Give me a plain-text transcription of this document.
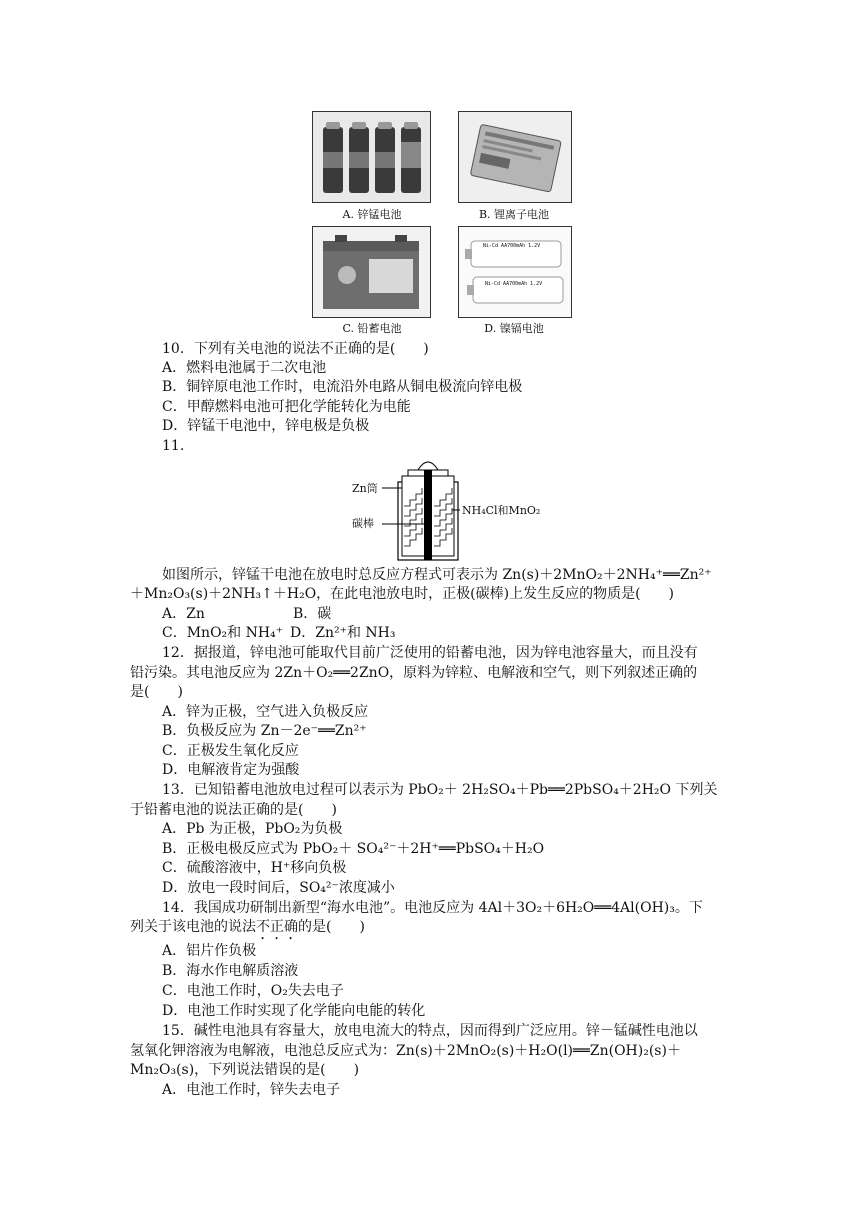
A. 锌锰电池	B. 锂离子电池
C. 铅蓄电池
Ni-Cd AA700mAh 1.2V
Ni-Cd AA700mAh 1.2V
D. 镍镉电池
10．下列有关电池的说法不正确的是(　　)
A．燃料电池属于二次电池
B．铜锌原电池工作时，电流沿外电路从铜电极流向锌电极
C．甲醇燃料电池可把化学能转化为电能
D．锌锰干电池中，锌电极是负极
11.
Zn筒
碳棒
NH₄Cl和MnO₂
如图所示，锌锰干电池在放电时总反应方程式可表示为 Zn(s)＋2MnO₂＋2NH₄⁺══Zn²⁺
＋Mn₂O₃(s)＋2NH₃↑＋H₂O，在此电池放电时，正极(碳棒)上发生反应的物质是(　　)
A．Zn	B．碳
C．MnO₂和 NH₄⁺ D．Zn²⁺和 NH₃
12．据报道，锌电池可能取代目前广泛使用的铅蓄电池，因为锌电池容量大，而且没有
铅污染。其电池反应为 2Zn＋O₂══2ZnO，原料为锌粒、电解液和空气，则下列叙述正确的
是(　　)
A．锌为正极，空气进入负极反应
B．负极反应为 Zn－2e⁻══Zn²⁺
C．正极发生氧化反应
D．电解液肯定为强酸
13．已知铅蓄电池放电过程可以表示为 PbO₂＋ 2H₂SO₄＋Pb══2PbSO₄＋2H₂O 下列关
于铅蓄电池的说法正确的是(　　)
A．Pb 为正极，PbO₂为负极
B．正极电极反应式为 PbO₂＋ SO₄²⁻＋2H⁺══PbSO₄＋H₂O
C．硫酸溶液中，H⁺移向负极
D．放电一段时间后，SO₄²⁻浓度减小
14．我国成功研制出新型“海水电池”。电池反应为 4Al＋3O₂＋6H₂O══4Al(OH)₃。下
列关于该电池的说法不正确的是(　　)
A．铝片作负极
B．海水作电解质溶液
C．电池工作时，O₂失去电子
D．电池工作时实现了化学能向电能的转化
15．碱性电池具有容量大，放电电流大的特点，因而得到广泛应用。锌－锰碱性电池以
氢氧化钾溶液为电解液，电池总反应式为：Zn(s)＋2MnO₂(s)＋H₂O(l)══Zn(OH)₂(s)＋
Mn₂O₃(s)，下列说法错误的是(　　)
A．电池工作时，锌失去电子
